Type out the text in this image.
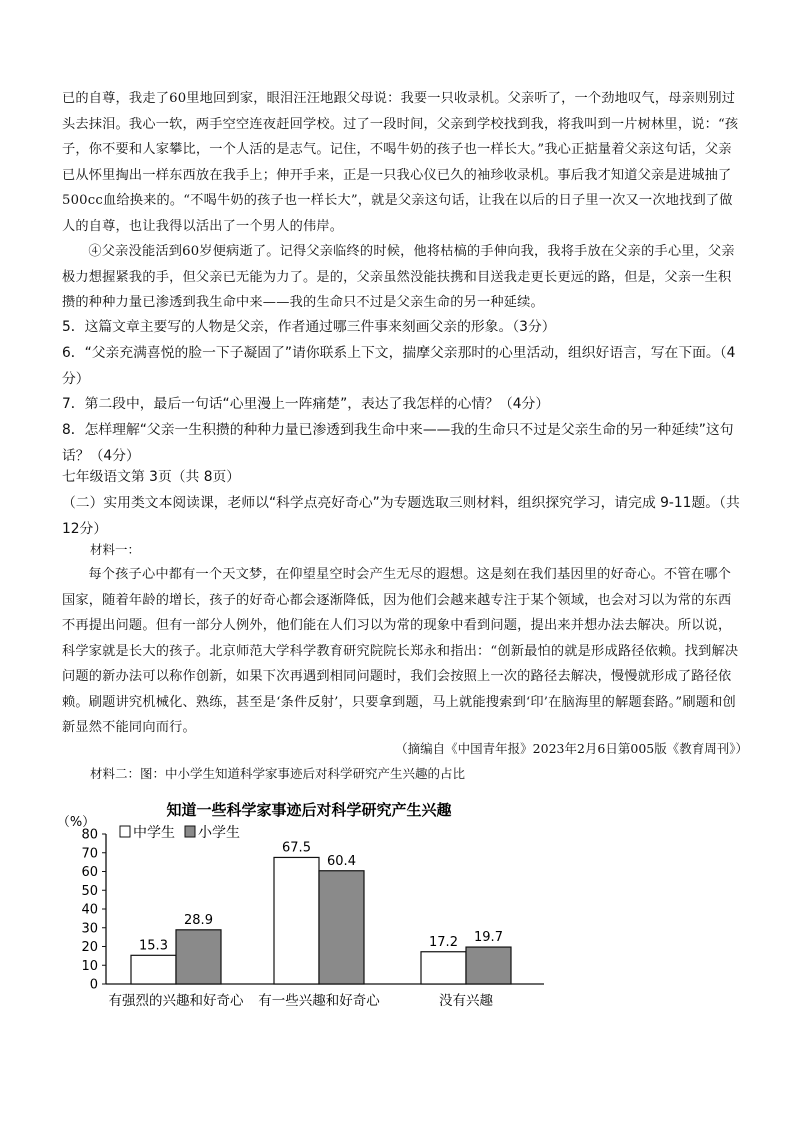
已的自尊，我走了60里地回到家，眼泪汪汪地跟父母说：我要一只收录机。父亲听了，一个劲地叹气，母亲则别过头去抹泪。我心一软，两手空空连夜赶回学校。过了一段时间，父亲到学校找到我，将我叫到一片树林里，说：“孩子，你不要和人家攀比，一个人活的是志气。记住，不喝牛奶的孩子也一样长大。”我心正掂量着父亲这句话，父亲已从怀里掏出一样东西放在我手上；伸开手来，正是一只我心仪已久的袖珍收录机。事后我才知道父亲是进城抽了500cc血给换来的。“不喝牛奶的孩子也一样长大”，就是父亲这句话，让我在以后的日子里一次又一次地找到了做人的自尊，也让我得以活出了一个男人的伟岸。
④父亲没能活到60岁便病逝了。记得父亲临终的时候，他将枯槁的手伸向我，我将手放在父亲的手心里，父亲极力想握紧我的手，但父亲已无能为力了。是的，父亲虽然没能扶携和目送我走更长更远的路，但是，父亲一生积攒的种种力量已渗透到我生命中来——我的生命只不过是父亲生命的另一种延续。
5．这篇文章主要写的人物是父亲，作者通过哪三件事来刻画父亲的形象。（3分）
6．“父亲充满喜悦的脸一下子凝固了”请你联系上下文，揣摩父亲那时的心里活动，组织好语言，写在下面。（4分）
7．第二段中，最后一句话“心里漫上一阵痛楚”，表达了我怎样的心情？（4分）
8．怎样理解“父亲一生积攒的种种力量已渗透到我生命中来——我的生命只不过是父亲生命的另一种延续”这句话？（4分）
七年级语文第 3页（共 8页）
（二）实用类文本阅读课，老师以“科学点亮好奇心”为专题选取三则材料，组织探究学习，请完成 9-11题。（共 12分）
材料一：
每个孩子心中都有一个天文梦，在仰望星空时会产生无尽的遐想。这是刻在我们基因里的好奇心。不管在哪个国家，随着年龄的增长，孩子的好奇心都会逐渐降低，因为他们会越来越专注于某个领域，也会对习以为常的东西不再提出问题。但有一部分人例外，他们能在人们习以为常的现象中看到问题，提出来并想办法去解决。所以说，科学家就是长大的孩子。北京师范大学科学教育研究院院长郑永和指出：“创新最怕的就是形成路径依赖。找到解决问题的新办法可以称作创新，如果下次再遇到相同问题时，我们会按照上一次的路径去解决，慢慢就形成了路径依赖。刷题讲究机械化、熟练，甚至是‘条件反射’，只要拿到题，马上就能搜索到‘印’在脑海里的解题套路。”刷题和创新显然不能同向而行。
（摘编自《中国青年报》2023年2月6日第005版《教育周刊》）
材料二：图：中小学生知道科学家事迹后对科学研究产生兴趣的占比
知道一些科学家事迹后对科学研究产生兴趣
（%）
中学生 小学生
0
10
20
30
40
50
60
70
80
15.3
28.9
67.5
60.4
17.2 19.7
有强烈的兴趣和好奇心 有一些兴趣和好奇心	没有兴趣
